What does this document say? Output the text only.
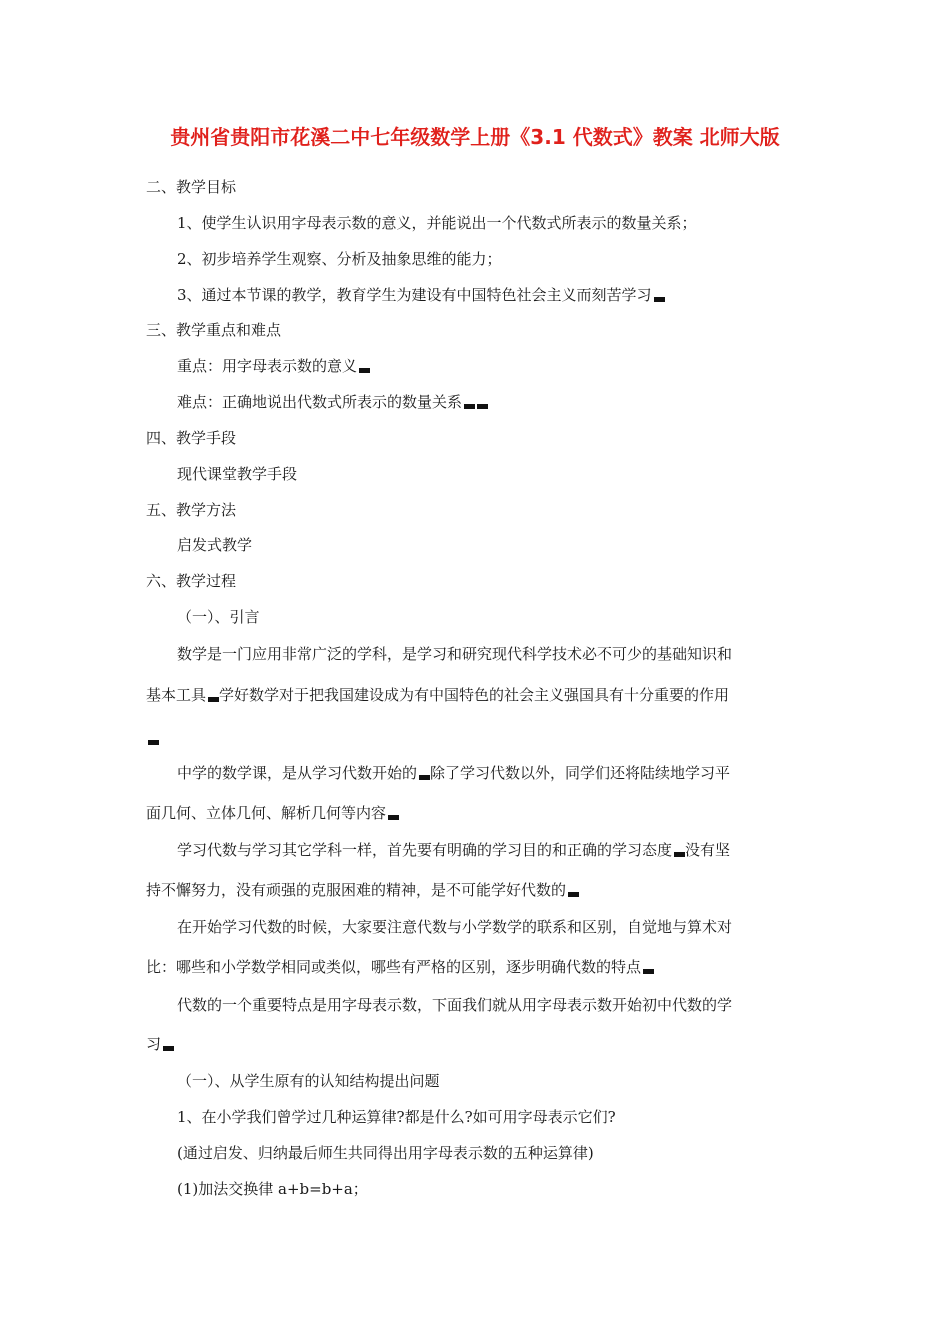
贵州省贵阳市花溪二中七年级数学上册《3.1 代数式》教案 北师大版
二、教学目标
1、使学生认识用字母表示数的意义，并能说出一个代数式所表示的数量关系；
2、初步培养学生观察、分析及抽象思维的能力；
3、通过本节课的教学，教育学生为建设有中国特色社会主义而刻苦学习
三、教学重点和难点
重点：用字母表示数的意义
难点：正确地说出代数式所表示的数量关系
四、教学手段
现代课堂教学手段
五、教学方法
启发式教学
六、教学过程
（一）、引言
数学是一门应用非常广泛的学科，是学习和研究现代科学技术必不可少的基础知识和
基本工具 学好数学对于把我国建设成为有中国特色的社会主义强国具有十分重要的作用
中学的数学课，是从学习代数开始的 除了学习代数以外，同学们还将陆续地学习平
面几何、立体几何、解析几何等内容
学习代数与学习其它学科一样，首先要有明确的学习目的和正确的学习态度 没有坚
持不懈努力，没有顽强的克服困难的精神，是不可能学好代数的
在开始学习代数的时候，大家要注意代数与小学数学的联系和区别，自觉地与算术对
比：哪些和小学数学相同或类似，哪些有严格的区别，逐步明确代数的特点
代数的一个重要特点是用字母表示数，下面我们就从用字母表示数开始初中代数的学
习
（一）、从学生原有的认知结构提出问题
1、在小学我们曾学过几种运算律?都是什么?如可用字母表示它们?
(通过启发、归纳最后师生共同得出用字母表示数的五种运算律)
(1)加法交换律 a+b=b+a；
